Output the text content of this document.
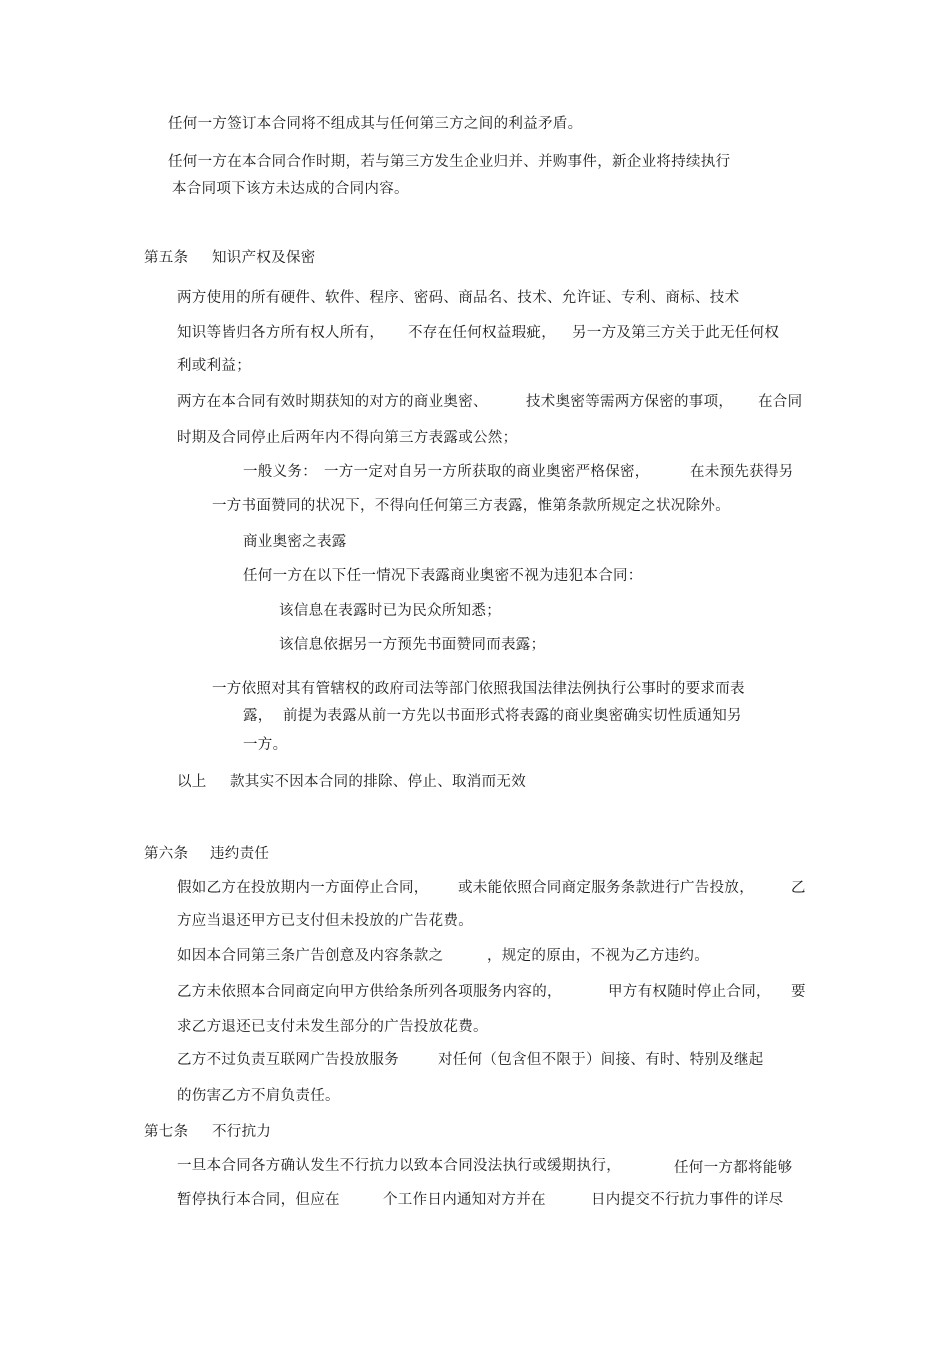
任何一方签订本合同将不组成其与任何第三方之间的利益矛盾。
任何一方在本合同合作时期，若与第三方发生企业归并、并购事件，新企业将持续执行
本合同项下该方未达成的合同内容。
第五条 知识产权及保密
两方使用的所有硬件、软件、程序、密码、商品名、技术、允许证、专利、商标、技术
知识等皆归各方所有权人所有， 不存在任何权益瑕疵， 另一方及第三方关于此无任何权
利或利益；
两方在本合同有效时期获知的对方的商业奥密、	技术奥密等需两方保密的事项， 在合同
时期及合同停止后两年内不得向第三方表露或公然；
一般义务： 一方一定对自另一方所获取的商业奥密严格保密，	在未预先获得另
一方书面赞同的状况下，不得向任何第三方表露，惟第条款所规定之状况除外。
商业奥密之表露
任何一方在以下任一情况下表露商业奥密不视为违犯本合同：
该信息在表露时已为民众所知悉；
该信息依据另一方预先书面赞同而表露；
一方依照对其有管辖权的政府司法等部门依照我国法律法例执行公事时的要求而表
露， 前提为表露从前一方先以书面形式将表露的商业奥密确实切性质通知另
一方。
以上 款其实不因本合同的排除、停止、取消而无效
第六条 违约责任
假如乙方在投放期内一方面停止合同， 或未能依照合同商定服务条款进行广告投放，	乙
方应当退还甲方已支付但未投放的广告花费。
如因本合同第三条广告创意及内容条款之	，规定的原由，不视为乙方违约。
乙方未依照本合同商定向甲方供给条所列各项服务内容的，	甲方有权随时停止合同， 要
求乙方退还已支付未发生部分的广告投放花费。
乙方不过负责互联网广告投放服务	对任何（包含但不限于）间接、有时、特别及继起
的伤害乙方不肩负责任。
第七条 不行抗力
一旦本合同各方确认发生不行抗力以致本合同没法执行或缓期执行，	任何一方都将能够
暂停执行本合同，但应在	个工作日内通知对方并在	日内提交不行抗力事件的详尽
